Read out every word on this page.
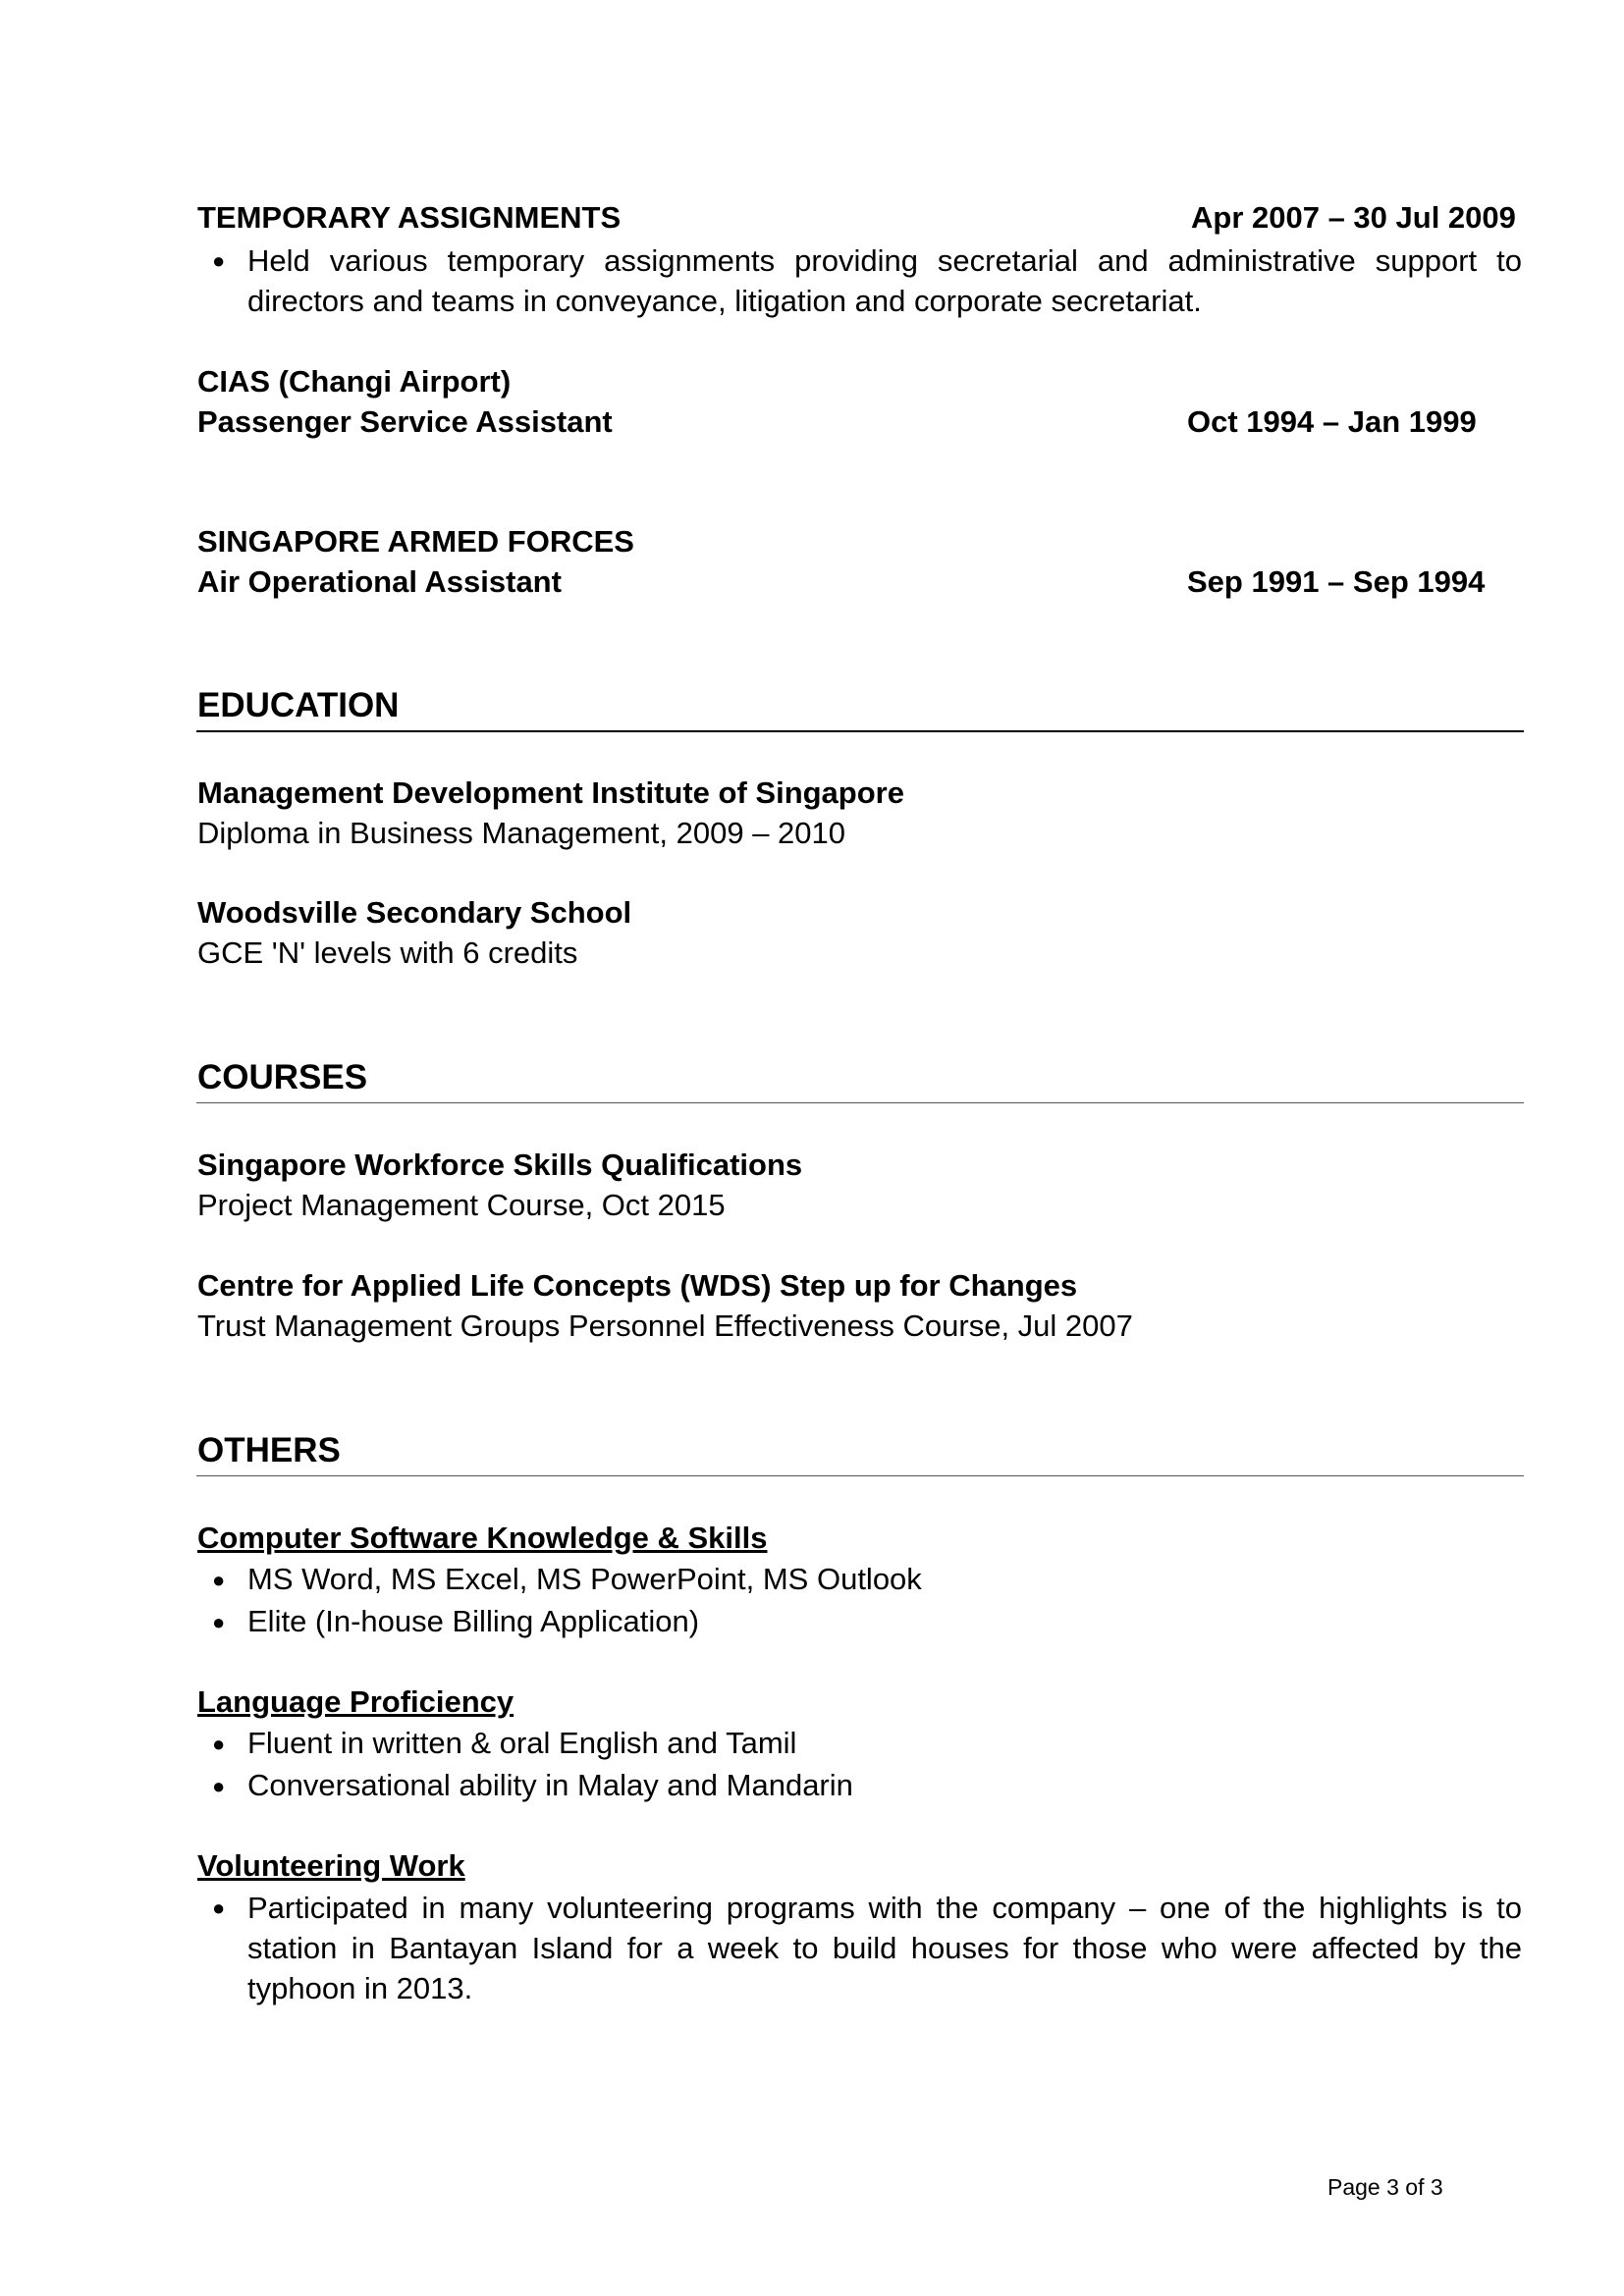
TEMPORARY ASSIGNMENTS	Apr 2007 – 30 Jul 2009
● Held various temporary assignments providing secretarial and administrative support to directors and teams in conveyance, litigation and corporate secretariat.
CIAS (Changi Airport)
Passenger Service Assistant	Oct 1994 – Jan 1999
SINGAPORE ARMED FORCES
Air Operational Assistant	Sep 1991 – Sep 1994
EDUCATION
Management Development Institute of Singapore
Diploma in Business Management, 2009 – 2010
Woodsville Secondary School
GCE 'N' levels with 6 credits
COURSES
Singapore Workforce Skills Qualifications
Project Management Course, Oct 2015
Centre for Applied Life Concepts (WDS) Step up for Changes
Trust Management Groups Personnel Effectiveness Course, Jul 2007
OTHERS
Computer Software Knowledge & Skills
● MS Word, MS Excel, MS PowerPoint, MS Outlook
● Elite (In-house Billing Application)
Language Proficiency
● Fluent in written & oral English and Tamil
● Conversational ability in Malay and Mandarin
Volunteering Work
● Participated in many volunteering programs with the company – one of the highlights is to station in Bantayan Island for a week to build houses for those who were affected by the typhoon in 2013.
Page 3 of 3
